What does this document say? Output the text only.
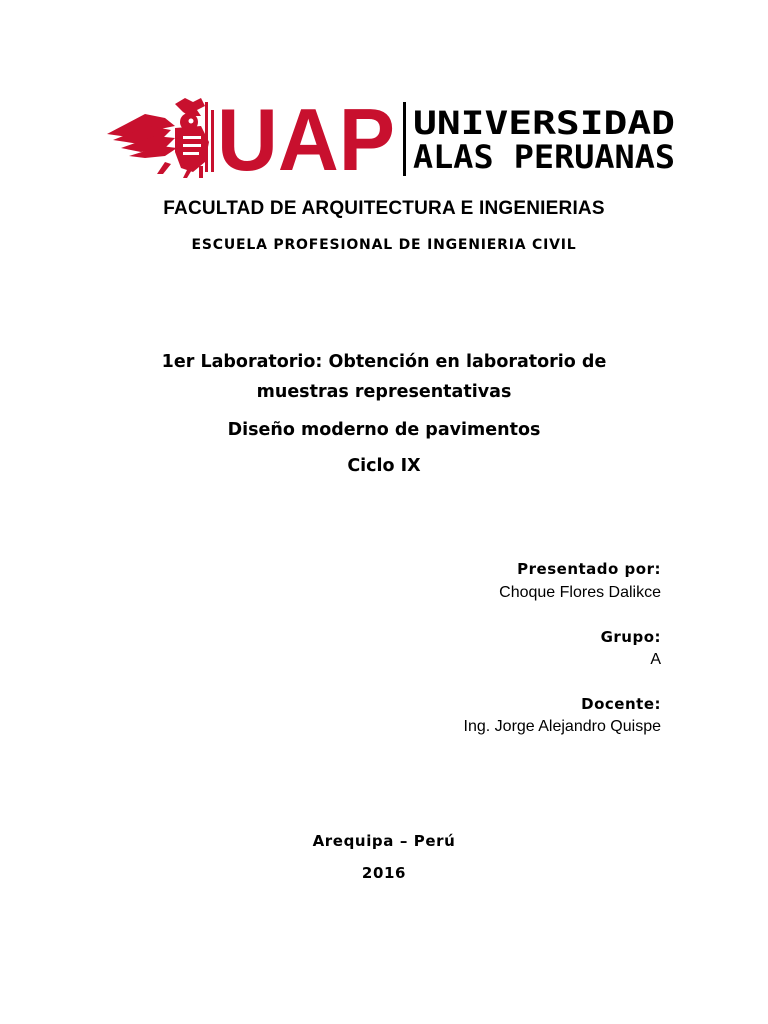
UAP UNIVERSIDAD
ALAS PERUANAS
FACULTAD DE ARQUITECTURA E INGENIERIAS
ESCUELA PROFESIONAL DE INGENIERIA CIVIL
1er Laboratorio: Obtención en laboratorio de
muestras representativas
Diseño moderno de pavimentos
Ciclo IX
Presentado por:
Choque Flores Dalikce
Grupo:
A
Docente:
Ing. Jorge Alejandro Quispe
Arequipa – Perú
2016
